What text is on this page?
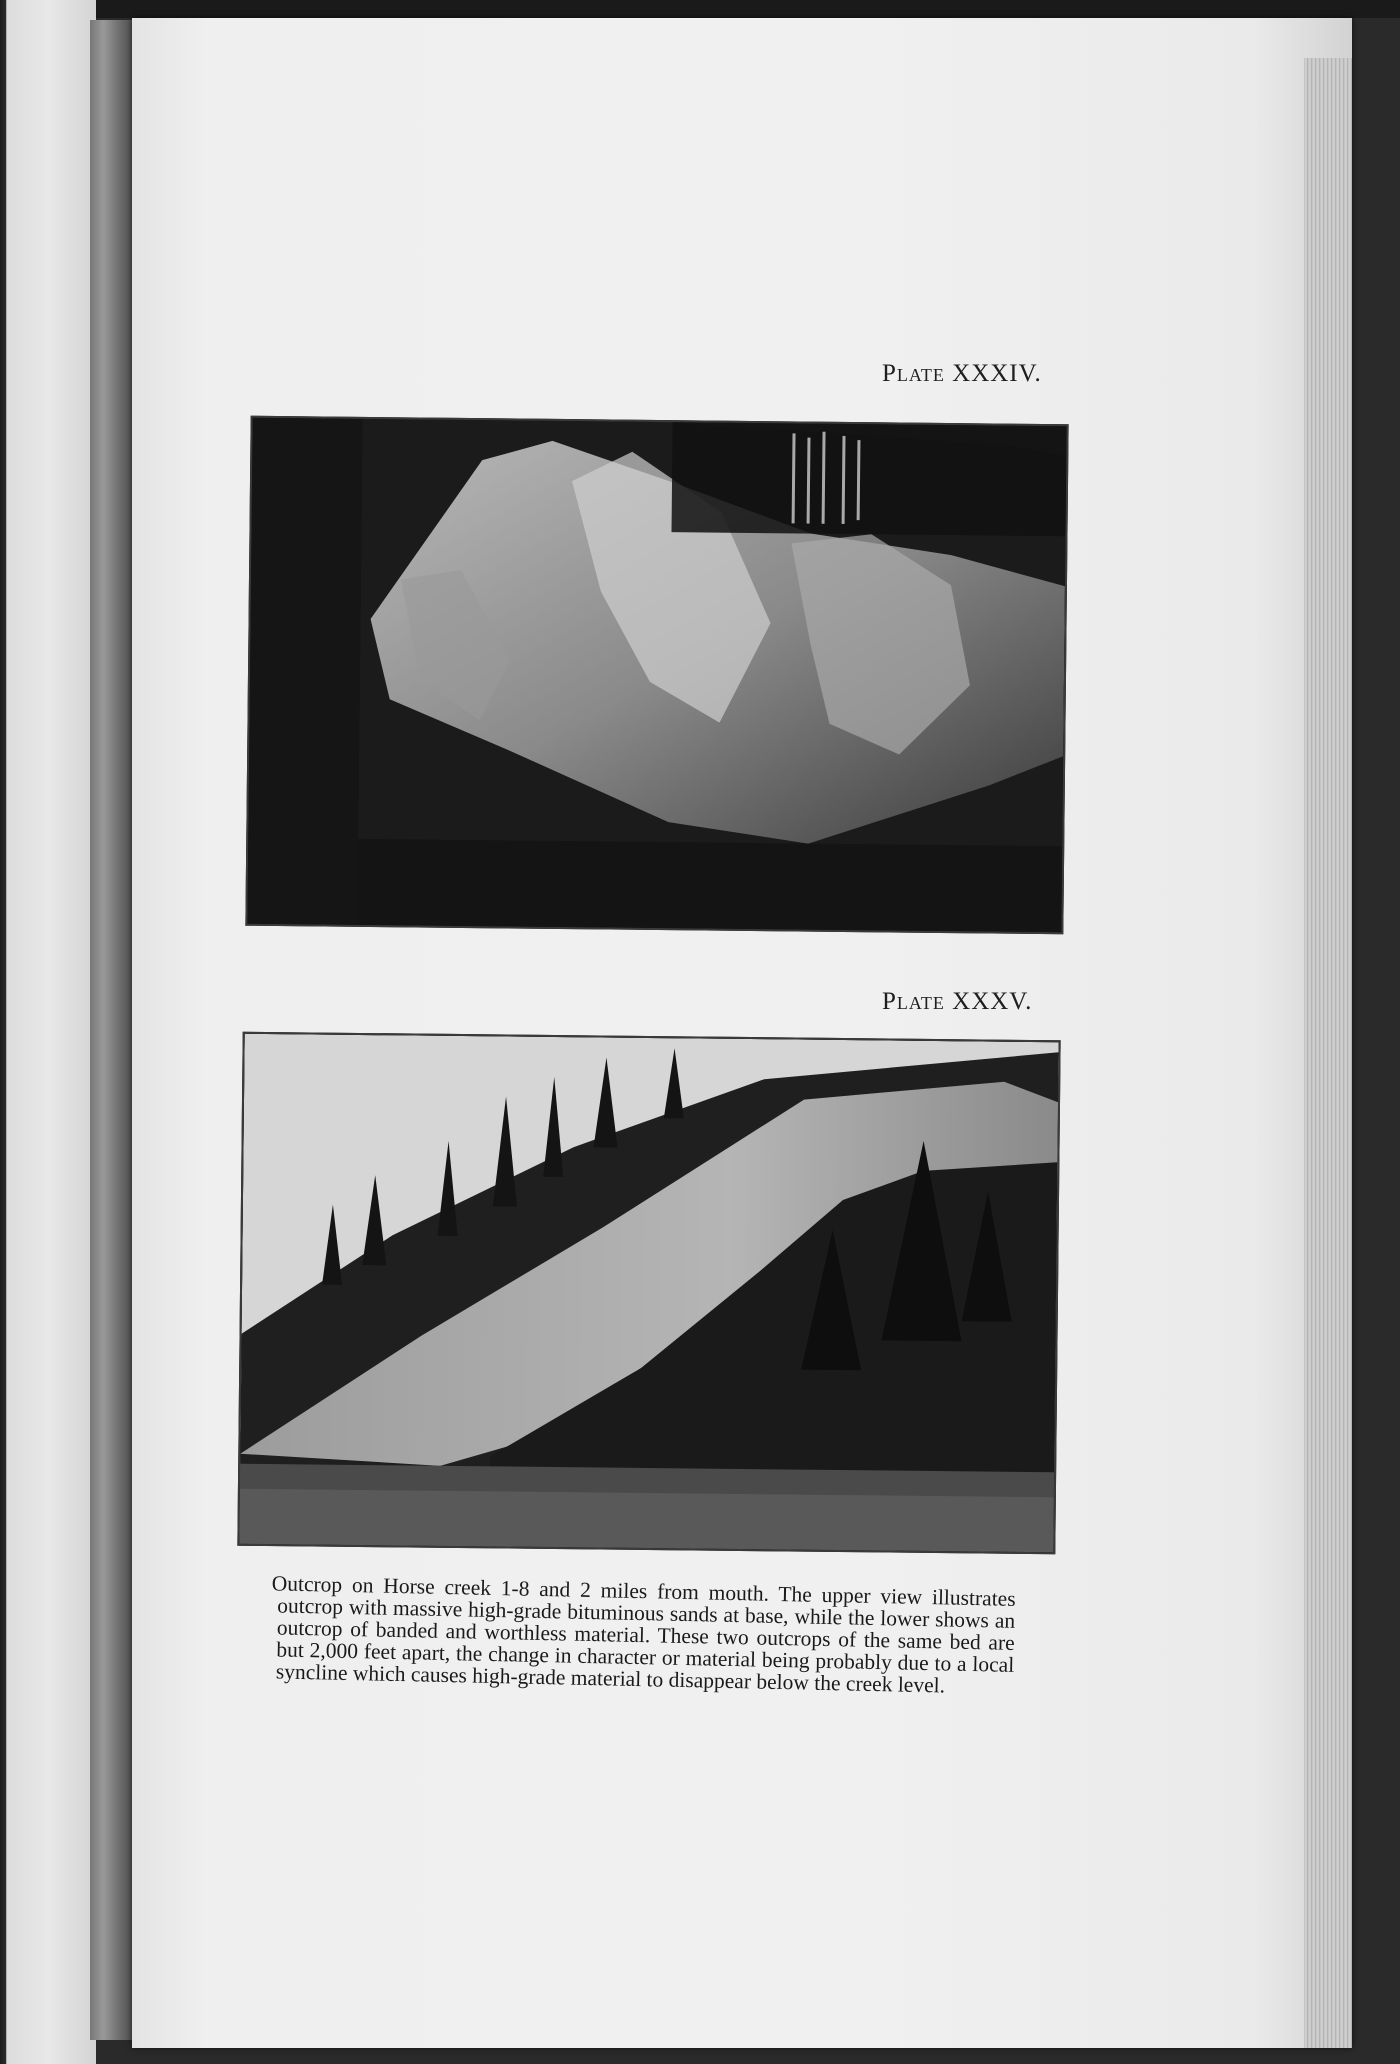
Plate XXXIV.
Plate XXXV.

Outcrop on Horse creek 1-8 and 2 miles from mouth. The upper view illustrates outcrop with massive high-grade bituminous sands at base, while the lower shows an outcrop of banded and worthless material. These two outcrops of the same bed are but 2,000 feet apart, the change in character or material being probably due to a local syncline which causes high-grade material to disappear below the creek level.
